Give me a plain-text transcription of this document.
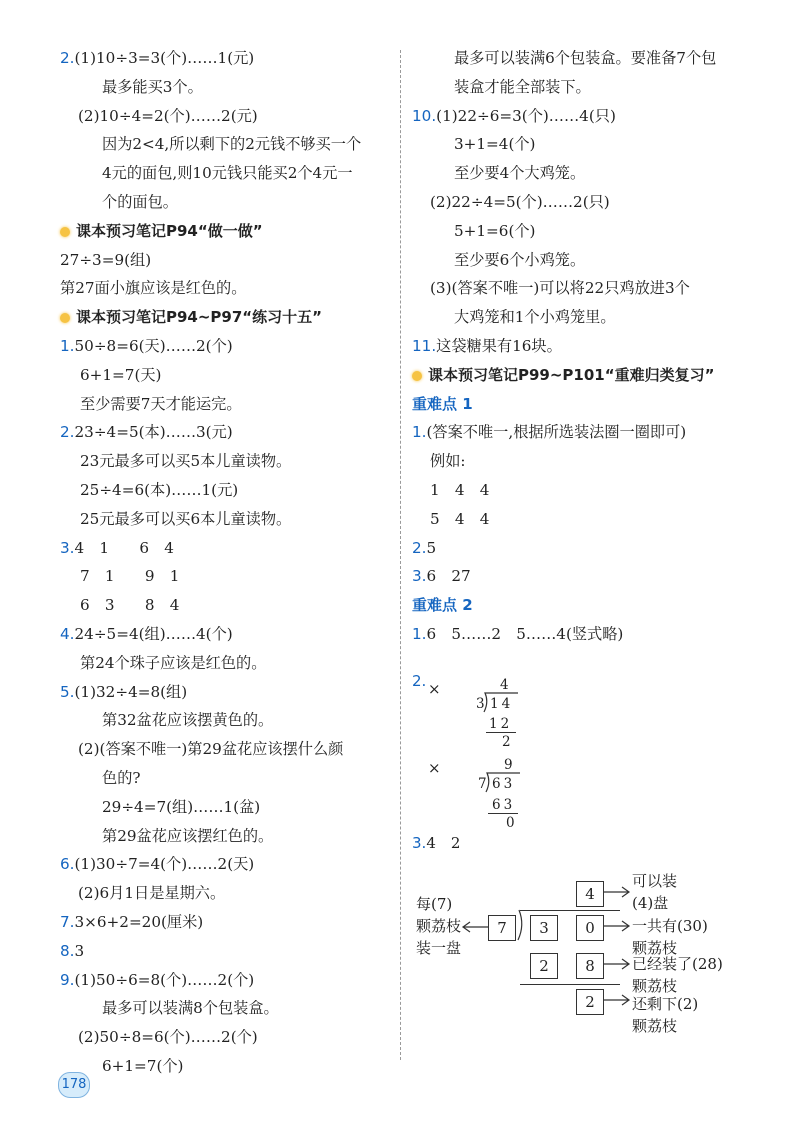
2.(1)10÷3=3(个)……1(元)
最多能买3个。
(2)10÷4=2(个)……2(元)
因为2<4,所以剩下的2元钱不够买一个
4元的面包,则10元钱只能买2个4元一
个的面包。
课本预习笔记P94“做一做”
27÷3=9(组)
第27面小旗应该是红色的。
课本预习笔记P94~P97“练习十五”
1.50÷8=6(天)……2(个)
6+1=7(天)
至少需要7天才能运完。
2.23÷4=5(本)……3(元)
23元最多可以买5本儿童读物。
25÷4=6(本)……1(元)
25元最多可以买6本儿童读物。
3.4　1　　6　4
7　1　　9　1
6　3　　8　4
4.24÷5=4(组)……4(个)
第24个珠子应该是红色的。
5.(1)32÷4=8(组)
第32盆花应该摆黄色的。
(2)(答案不唯一)第29盆花应该摆什么颜
色的?
29÷4=7(组)……1(盆)
第29盆花应该摆红色的。
6.(1)30÷7=4(个)……2(天)
(2)6月1日是星期六。
7.3×6+2=20(厘米)
8.3
9.(1)50÷6=8(个)……2(个)
最多可以装满8个包装盒。
(2)50÷8=6(个)……2(个)
6+1=7(个)
最多可以装满6个包装盒。要准备7个包
装盒才能全部装下。
10.(1)22÷6=3(个)……4(只)
3+1=4(个)
至少要4个大鸡笼。
(2)22÷4=5(个)……2(只)
5+1=6(个)
至少要6个小鸡笼。
(3)(答案不唯一)可以将22只鸡放进3个
大鸡笼和1个小鸡笼里。
11.这袋糖果有16块。
课本预习笔记P99~P101“重难归类复习”
重难点 1
1.(答案不唯一,根据所选装法圈一圈即可)
例如:
1　4　4
5　4　4
2.5
3.6　27
重难点 2
1.6　5……2　5……4(竖式略)
2. ×	4
3 14
12
2
×	9
7 63
63
0
3.4　2
每(7)
颗荔枝
装一盘
7
4
3	0
2	8
2
可以装
(4)盘
一共有(30)
颗荔枝
已经装了(28)
颗荔枝
还剩下(2)
颗荔枝
178
